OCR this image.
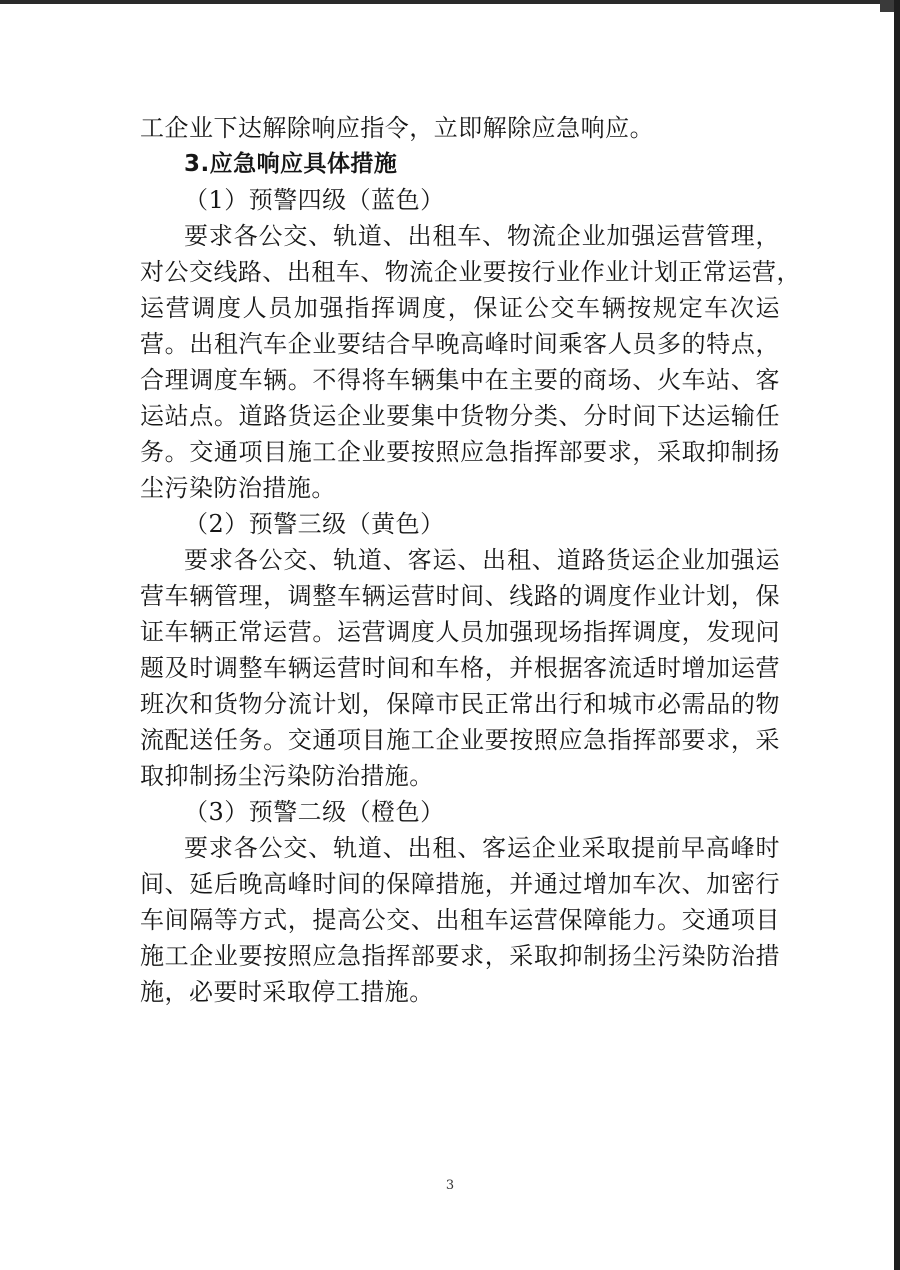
工企业下达解除响应指令，立即解除应急响应。

3.应急响应具体措施

（1）预警四级（蓝色）

要求各公交、轨道、出租车、物流企业加强运营管理，

对公交线路、出租车、物流企业要按行业作业计划正常运营，

运营调度人员加强指挥调度，保证公交车辆按规定车次运

营。出租汽车企业要结合早晚高峰时间乘客人员多的特点，

合理调度车辆。不得将车辆集中在主要的商场、火车站、客

运站点。道路货运企业要集中货物分类、分时间下达运输任

务。交通项目施工企业要按照应急指挥部要求，采取抑制扬

尘污染防治措施。

（2）预警三级（黄色）

要求各公交、轨道、客运、出租、道路货运企业加强运

营车辆管理，调整车辆运营时间、线路的调度作业计划，保

证车辆正常运营。运营调度人员加强现场指挥调度，发现问

题及时调整车辆运营时间和车格，并根据客流适时增加运营

班次和货物分流计划，保障市民正常出行和城市必需品的物

流配送任务。交通项目施工企业要按照应急指挥部要求，采

取抑制扬尘污染防治措施。

（3）预警二级（橙色）

要求各公交、轨道、出租、客运企业采取提前早高峰时

间、延后晚高峰时间的保障措施，并通过增加车次、加密行

车间隔等方式，提高公交、出租车运营保障能力。交通项目

施工企业要按照应急指挥部要求，采取抑制扬尘污染防治措

施，必要时采取停工措施。

3
